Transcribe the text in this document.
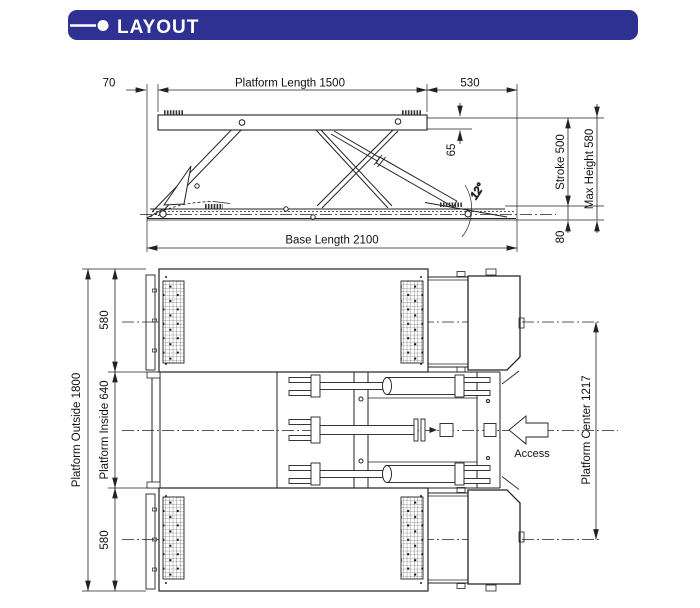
LAYOUT
12°
70	Platform Length 1500	530
65	Stroke 500 Max Height 580
80
Base Length 2100
Access
Platform Outside 1800 Platform Inside 640
580
580
Platform Center 1217
